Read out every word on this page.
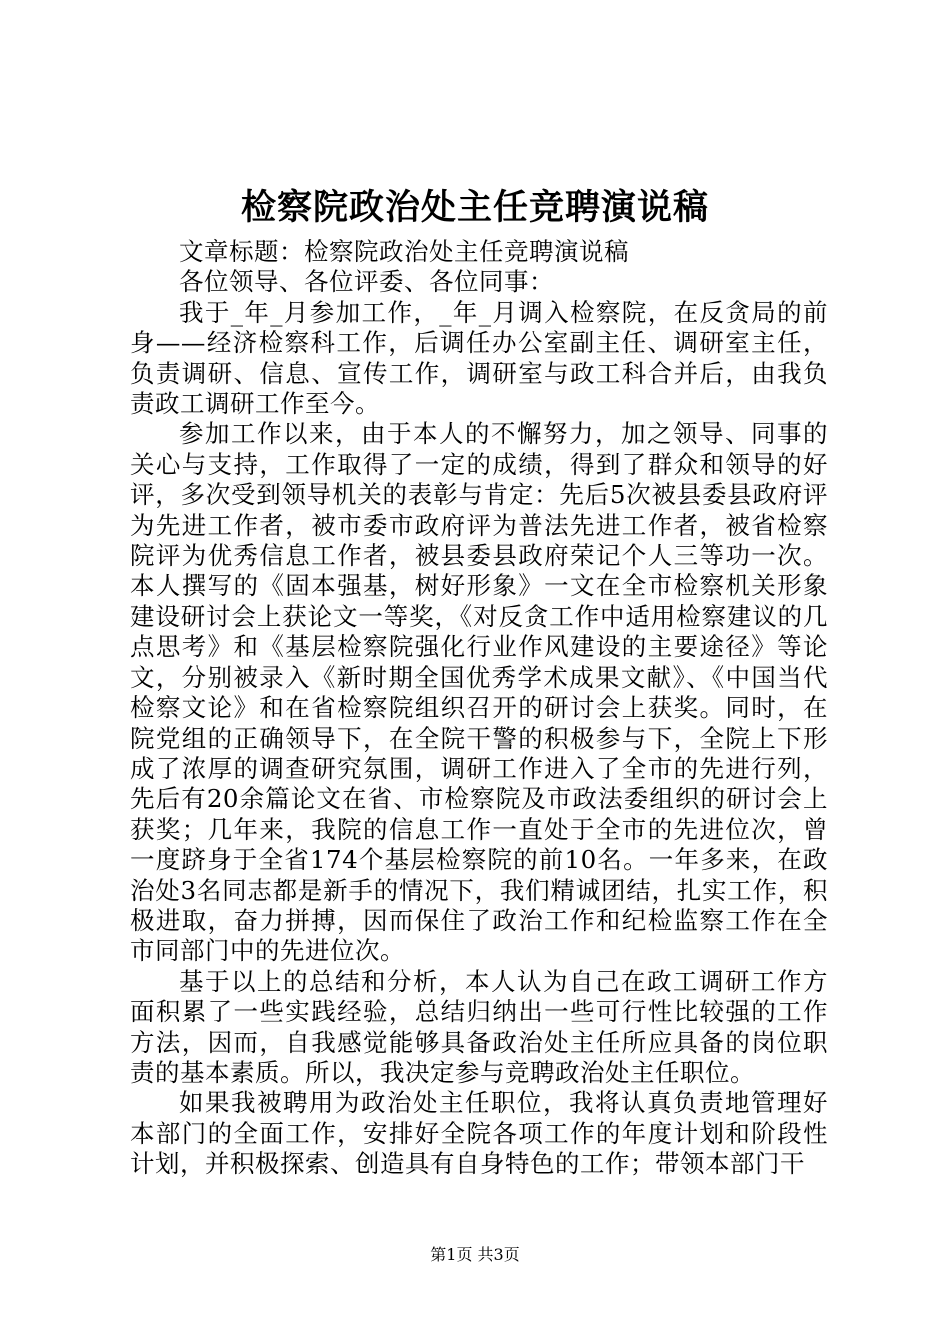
检察院政治处主任竞聘演说稿

文章标题：检察院政治处主任竞聘演说稿

各位领导、各位评委、各位同事：

我于_年_月参加工作，_年_月调入检察院，在反贪局的前身——经济检察科工作，后调任办公室副主任、调研室主任，负责调研、信息、宣传工作，调研室与政工科合并后，由我负责政工调研工作至今。

参加工作以来，由于本人的不懈努力，加之领导、同事的关心与支持，工作取得了一定的成绩，得到了群众和领导的好评，多次受到领导机关的表彰与肯定：先后5次被县委县政府评为先进工作者，被市委市政府评为普法先进工作者，被省检察院评为优秀信息工作者，被县委县政府荣记个人三等功一次。本人撰写的《固本强基，树好形象》一文在全市检察机关形象建设研讨会上获论文一等奖，《对反贪工作中适用检察建议的几点思考》和《基层检察院强化行业作风建设的主要途径》等论文，分别被录入《新时期全国优秀学术成果文献》、《中国当代检察文论》和在省检察院组织召开的研讨会上获奖。同时，在院党组的正确领导下，在全院干警的积极参与下，全院上下形成了浓厚的调查研究氛围，调研工作进入了全市的先进行列，先后有20余篇论文在省、市检察院及市政法委组织的研讨会上获奖；几年来，我院的信息工作一直处于全市的先进位次，曾一度跻身于全省174个基层检察院的前10名。一年多来，在政治处3名同志都是新手的情况下，我们精诚团结，扎实工作，积极进取，奋力拼搏，因而保住了政治工作和纪检监察工作在全市同部门中的先进位次。

基于以上的总结和分析，本人认为自己在政工调研工作方面积累了一些实践经验，总结归纳出一些可行性比较强的工作方法，因而，自我感觉能够具备政治处主任所应具备的岗位职责的基本素质。所以，我决定参与竞聘政治处主任职位。

如果我被聘用为政治处主任职位，我将认真负责地管理好本部门的全面工作，安排好全院各项工作的年度计划和阶段性计划，并积极探索、创造具有自身特色的工作；带领本部门干

第1页 共3页
